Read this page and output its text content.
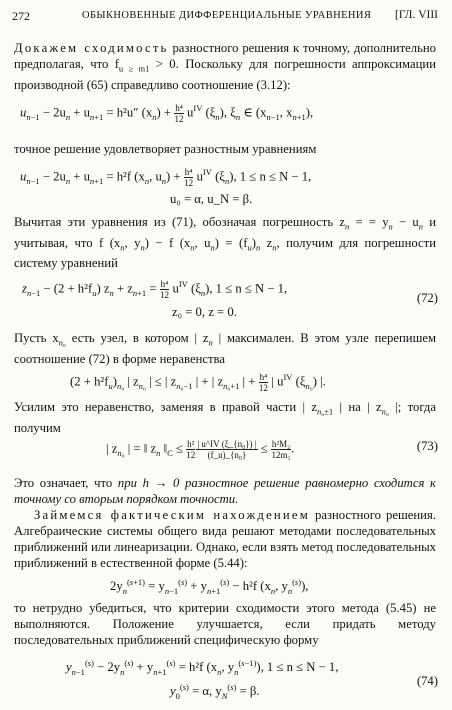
272	ОБЫКНОВЕННЫЕ ДИФФЕРЕНЦИАЛЬНЫЕ УРАВНЕНИЯ [ГЛ. VIII

Докажем сходимость разностного решения к точному, дополнительно предполагая, что $f_{u \ge m1} > 0$. Поскольку для погрешности аппроксимации производной (65) справедливо соотношение (3.12):

$u_{n-1} - 2u_n + u_{n+1} = h^2u''$ $(x_n) + \frac{\text{h⁴}}{12} u^{IV}$ $(\xi_n)$, $\xi_n$ ∈ ($x_{n-1}$, $x_{n+1}$),

точное решение удовлетворяет разностным уравнениям

$u_{n-1} - 2u_n + u_{n+1} = h^2f$ ($x_n$, $u_n) + \frac{\text{h⁴}}{12} u^{IV}$ $(\xi_n)$, 1 ≤ n ≤ N − 1,
u₀ = α, u_N = β.

Вычитая эти уравнения из (71), обозначая погрешность $z_n$ = = $y_n - u_n$ и учитывая, что f ($x_n$, $y_n) - f$ ($x_n$, $u_n) = (f_u)_n$ $z_n$, получим для погрешности систему уравнений

$z_{n-1} - (2 + h^2f_u) z_n + z_{n+1} = \frac{\text{h⁴}}{12} u^{IV}$ $(\xi_n)$, 1 ≤ n ≤ N − 1,
(72)
z₀ = 0, z = 0.

Пусть $x_{n_0}$ есть узел, в котором | $z_n$ | максимален. В этом узле перепишем соотношение (72) в форме неравенства

$(2 + h^2f_u)_{n_0}$ | $z_{n_0}$ | ≤ | $z_{n_0-1}$ | + | $z_{n_0+1}$ | + $\frac{\text{h⁴}}{12}$ | $u^{IV}$ $(\xi_{n_0})$ |.

Усилим это неравенство, заменяя в правой части | $z_{n_0\pm 1}$ | на | $z_{n_0}$ |; тогда получим

| $z_{n_0}$ | = ‖ $z_n$ $‖_C \le \frac{\text{h²}}{12}$
  $\frac{\text{| u\textasciicircum{}IV (ξ\_\{n₀\}) |}}{\text{(f\_u)\_\{n₀\}}} \le \frac{\text{h²M₂}}{\text{12m₁}}$ .	(73)

Это означает, что при h → 0 разностное решение равномерно сходится к точному со вторым порядком точности.

Займемся фактическим нахождением разностного решения. Алгебраические системы общего вида решают методами последовательных приближений или линеаризации. Однако, если взять метод последовательных приближений в естественной форме (5.44):

$2y_n^{(s+1)} = y_{n-1}^{(s)} + y_{n+1}^{(s)} - h^2f$ ($x_n$, $y_n^{(s)}$),

то нетрудно убедиться, что критерии сходимости этого метода (5.45) не выполняются. Положение улучшается, если придать методу последовательных приближений специфическую форму

$y_{n-1}^{(s)} - 2y_n^{(s)} + y_{n+1}^{(s)} = h^2f$ ($x_n$, $y_n^{(s-1)}$), 1 ≤ n ≤ N − 1,
(74)
$y_0^{(s)} = \alpha$, $y_N^{(s)} = \beta$.
